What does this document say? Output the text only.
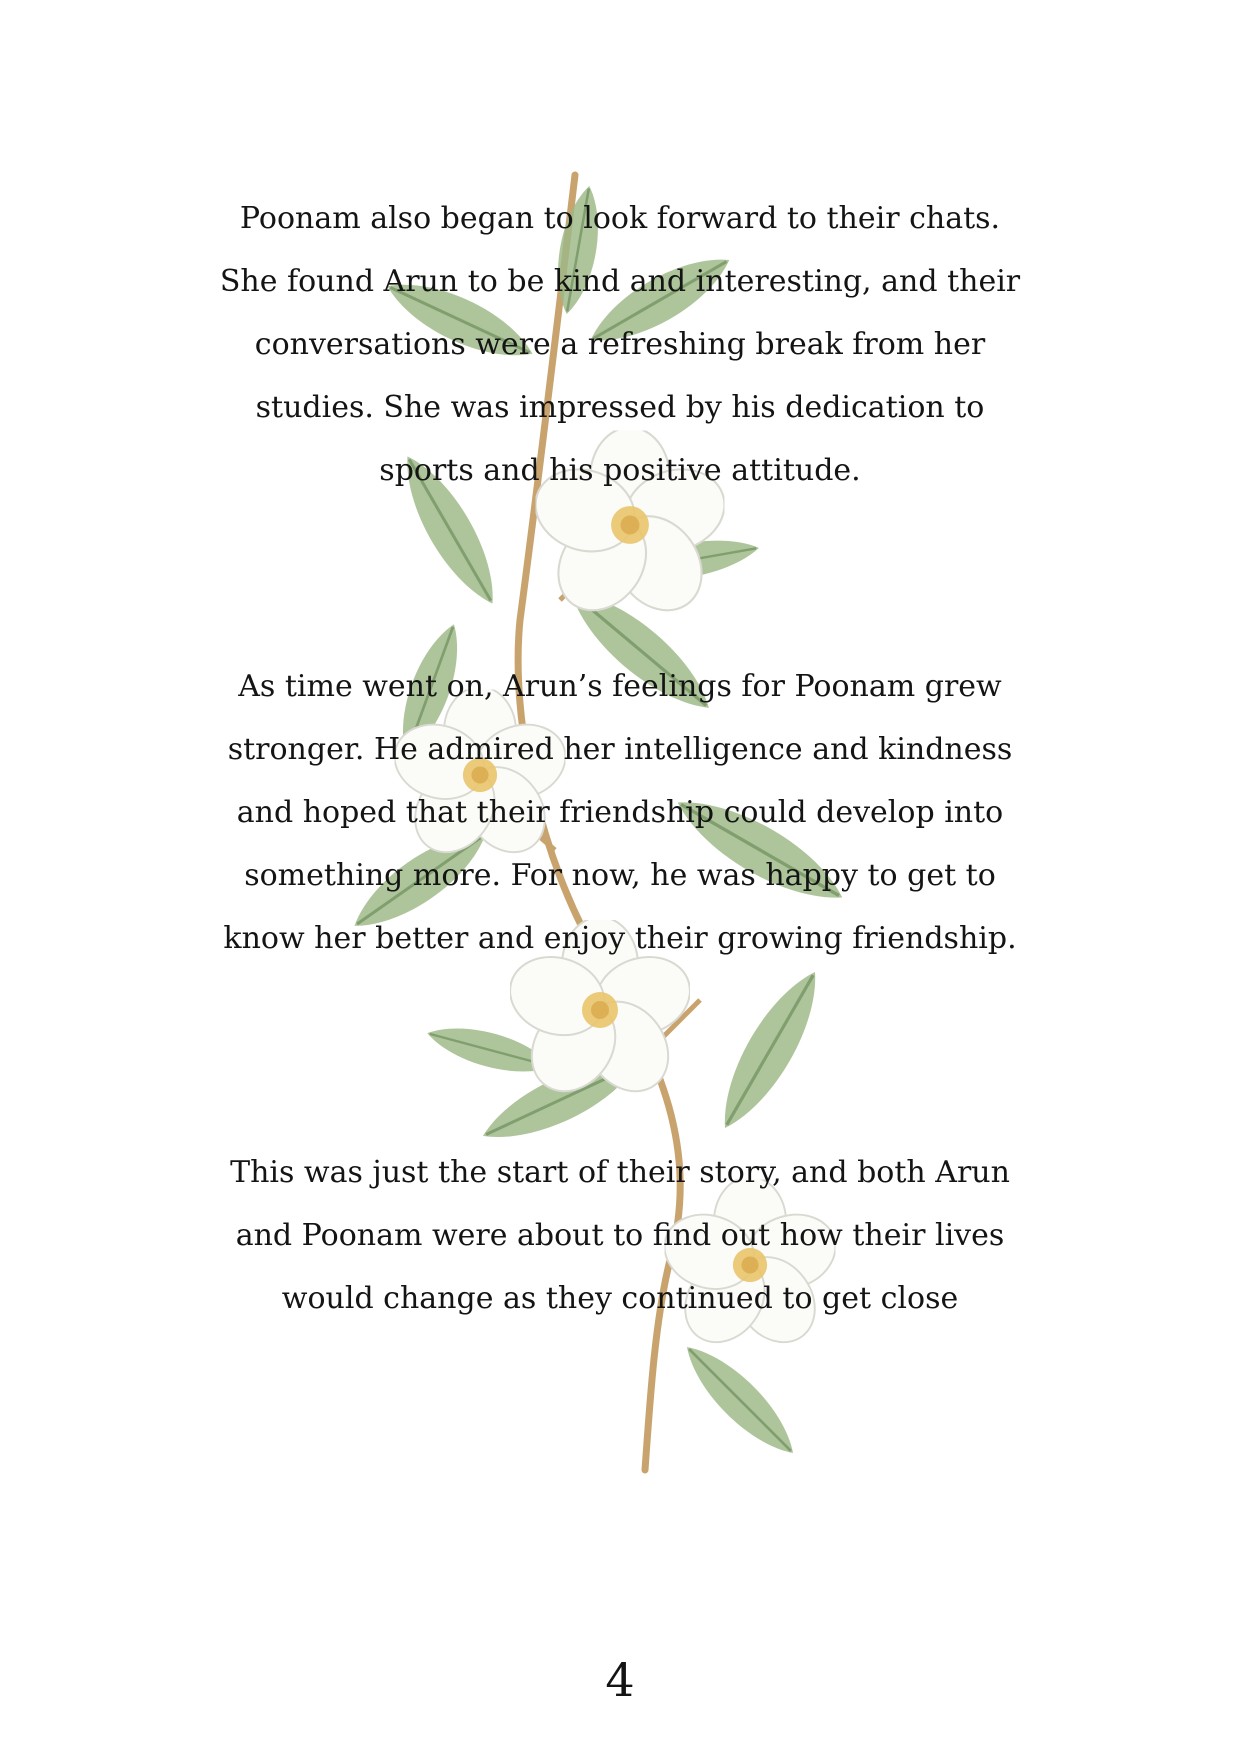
Poonam also began to look forward to their chats.
She found Arun to be kind and interesting, and their
conversations were a refreshing break from her
studies. She was impressed by his dedication to
sports and his positive attitude.

As time went on, Arun’s feelings for Poonam grew
stronger. He admired her intelligence and kindness
and hoped that their friendship could develop into
something more. For now, he was happy to get to
know her better and enjoy their growing friendship.

This was just the start of their story, and both Arun
and Poonam were about to find out how their lives
would change as they continued to get close

4
